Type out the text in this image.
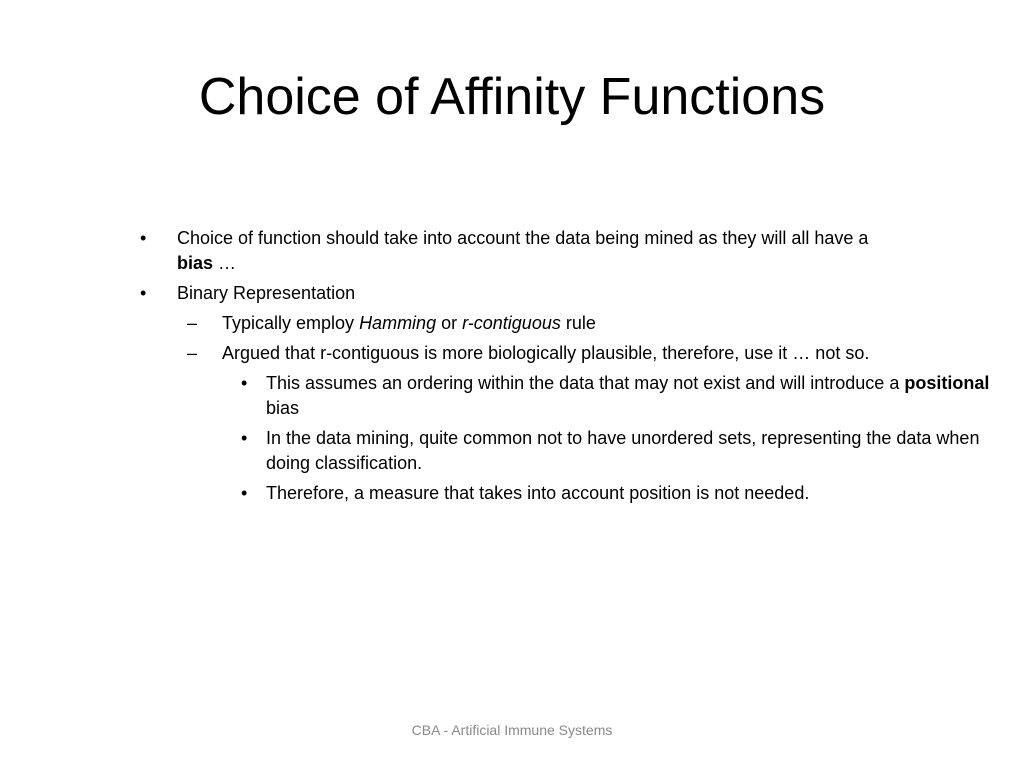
Choice of Affinity Functions
• Choice of function should take into account the data being mined as they will all have a
bias …
• Binary Representation
– Typically employ Hamming or r-contiguous rule
– Argued that r-contiguous is more biologically plausible, therefore, use it … not so.
• This assumes an ordering within the data that may not exist and will introduce a positional bias
• In the data mining, quite common not to have unordered sets, representing the data when doing classification.
• Therefore, a measure that takes into account position is not needed.
CBA - Artificial Immune Systems
